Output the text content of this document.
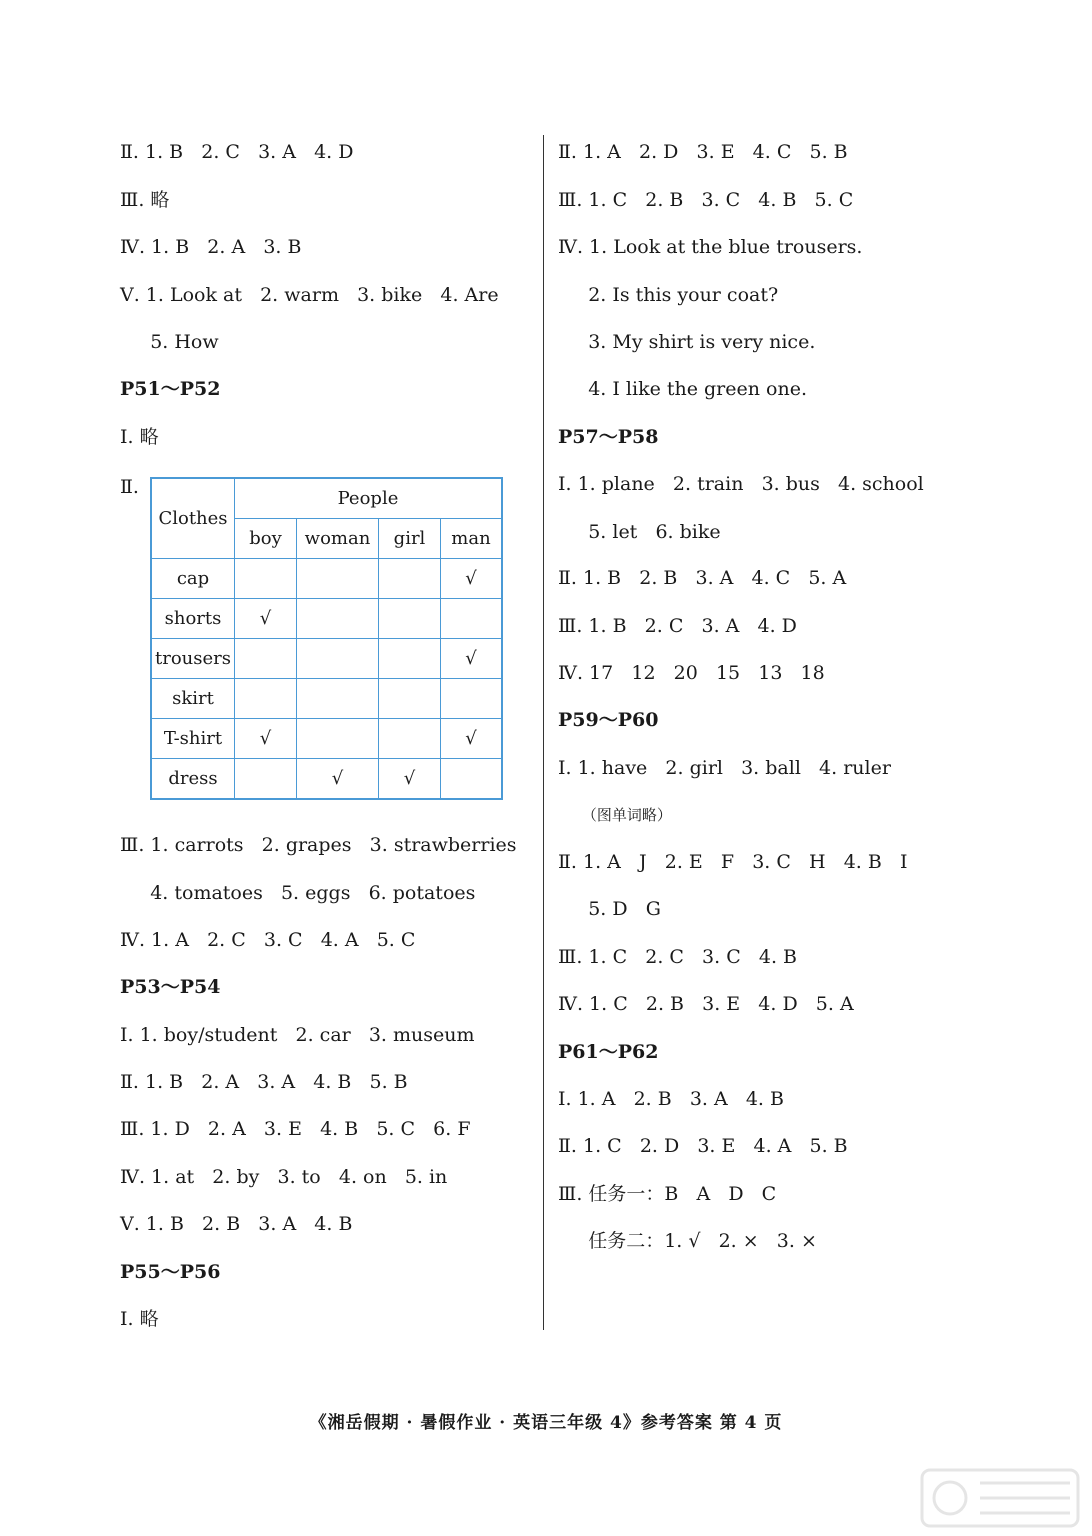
Ⅱ. 1. B   2. C   3. A   4. D
Ⅲ. 略
Ⅳ. 1. B   2. A   3. B
Ⅴ. 1. Look at   2. warm   3. bike   4. Are
5. How
P51～P52
Ⅰ. 略
Ⅱ.
Clothes	People			
	boy	woman	girl	man
cap				√
shorts	√			
trousers				√
skirt				
T-shirt	√			√
dress		√	√	
Ⅲ. 1. carrots   2. grapes   3. strawberries
4. tomatoes   5. eggs   6. potatoes
Ⅳ. 1. A   2. C   3. C   4. A   5. C
P53～P54
Ⅰ. 1. boy/student   2. car   3. museum
Ⅱ. 1. B   2. A   3. A   4. B   5. B
Ⅲ. 1. D   2. A   3. E   4. B   5. C   6. F
Ⅳ. 1. at   2. by   3. to   4. on   5. in
Ⅴ. 1. B   2. B   3. A   4. B
P55～P56
Ⅰ. 略
Ⅱ. 1. A   2. D   3. E   4. C   5. B
Ⅲ. 1. C   2. B   3. C   4. B   5. C
Ⅳ. 1. Look at the blue trousers.
2. Is this your coat?
3. My shirt is very nice.
4. I like the green one.
P57～P58
Ⅰ. 1. plane   2. train   3. bus   4. school
5. let   6. bike
Ⅱ. 1. B   2. B   3. A   4. C   5. A
Ⅲ. 1. B   2. C   3. A   4. D
Ⅳ. 17   12   20   15   13   18
P59～P60
Ⅰ. 1. have   2. girl   3. ball   4. ruler
（图单词略）
Ⅱ. 1. A   J   2. E   F   3. C   H   4. B   I
5. D   G
Ⅲ. 1. C   2. C   3. C   4. B
Ⅳ. 1. C   2. B   3. E   4. D   5. A
P61～P62
Ⅰ. 1. A   2. B   3. A   4. B
Ⅱ. 1. C   2. D   3. E   4. A   5. B
Ⅲ. 任务一：B   A   D   C
任务二：1. √   2. ×   3. ×
《湘岳假期 · 暑假作业 · 英语三年级 4》参考答案 第 4 页
